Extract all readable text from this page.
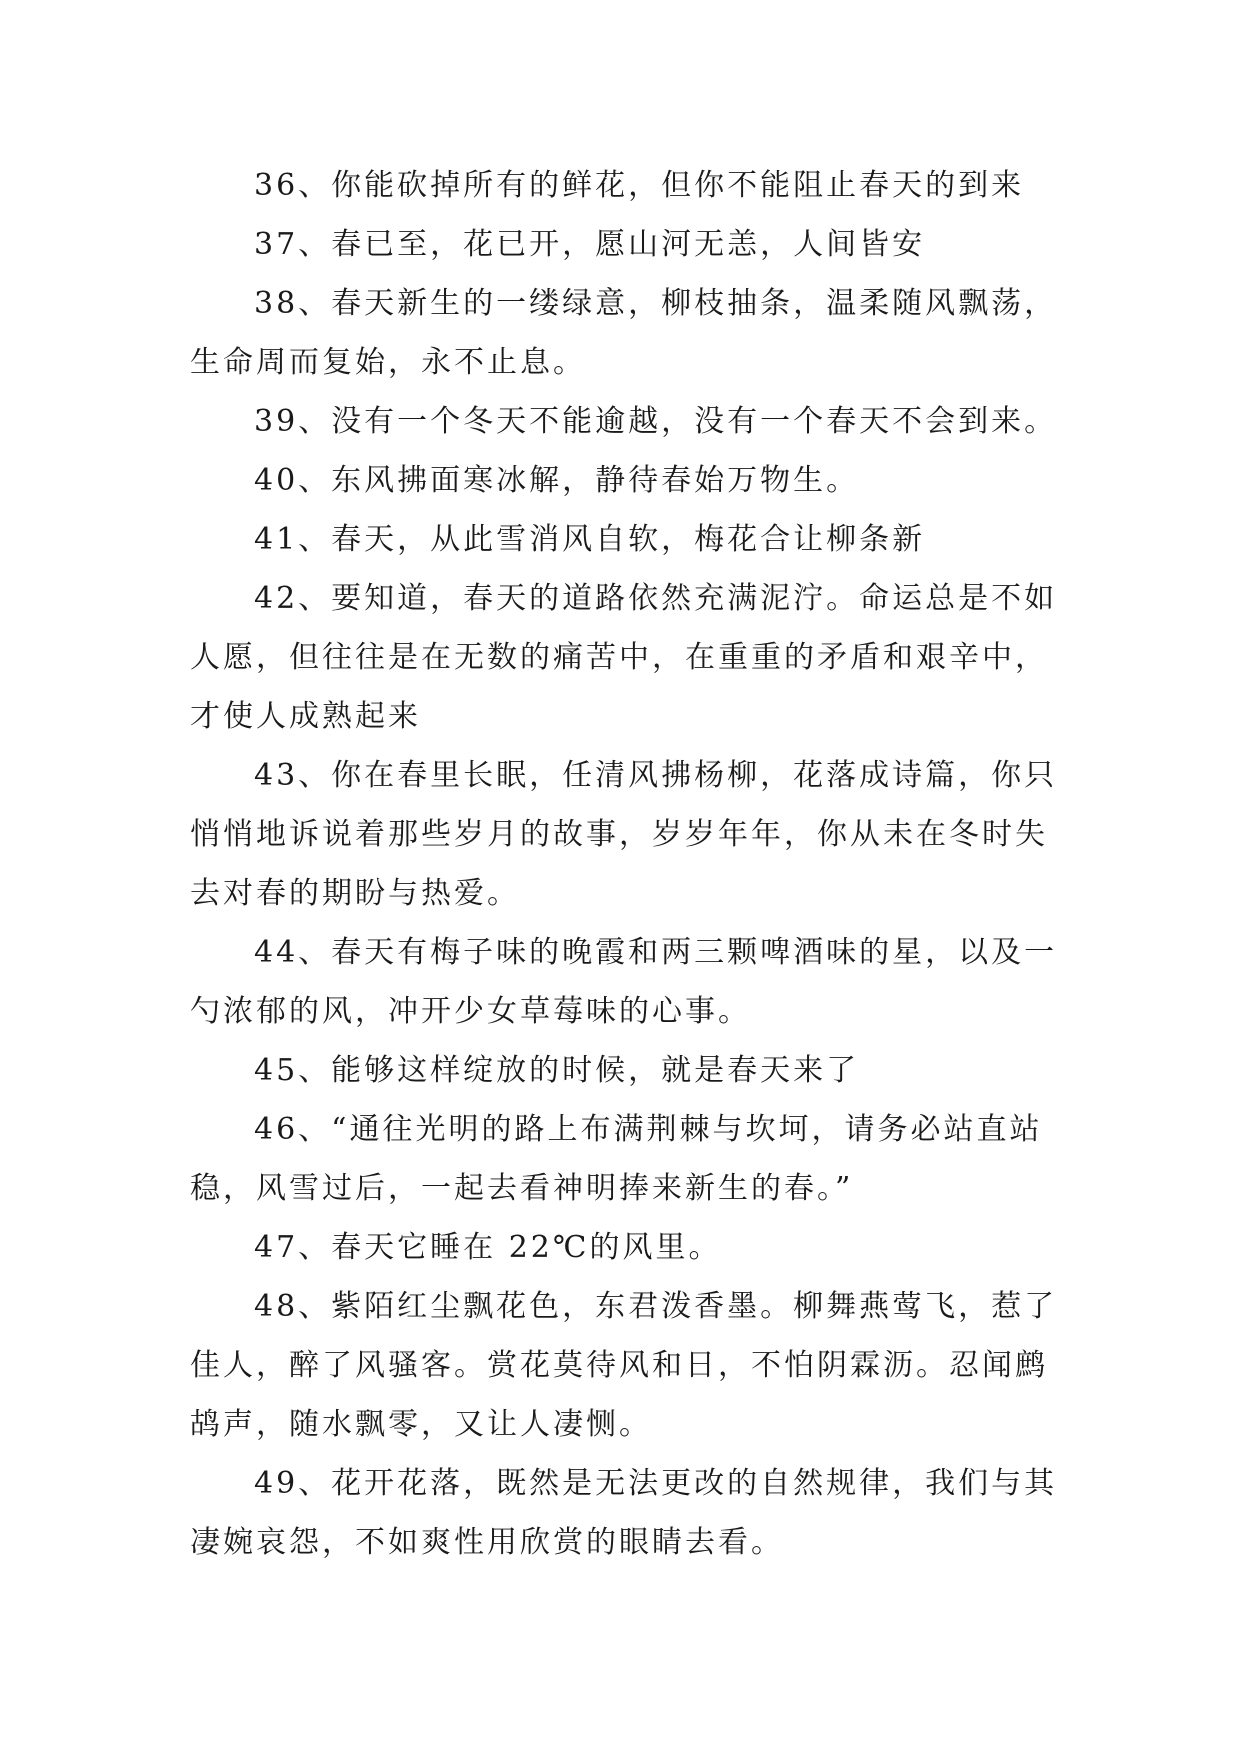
36、你能砍掉所有的鲜花，但你不能阻止春天的到来

37、春已至，花已开，愿山河无恙，人间皆安

38、春天新生的一缕绿意，柳枝抽条，温柔随风飘荡，生命周而复始，永不止息。

39、没有一个冬天不能逾越，没有一个春天不会到来。

40、东风拂面寒冰解，静待春始万物生。

41、春天，从此雪消风自软，梅花合让柳条新

42、要知道，春天的道路依然充满泥泞。命运总是不如人愿，但往往是在无数的痛苦中，在重重的矛盾和艰辛中，才使人成熟起来

43、你在春里长眠，任清风拂杨柳，花落成诗篇，你只悄悄地诉说着那些岁月的故事，岁岁年年，你从未在冬时失去对春的期盼与热爱。

44、春天有梅子味的晚霞和两三颗啤酒味的星，以及一勺浓郁的风，冲开少女草莓味的心事。

45、能够这样绽放的时候，就是春天来了

46、“通往光明的路上布满荆棘与坎坷，请务必站直站稳，风雪过后，一起去看神明捧来新生的春。”

47、春天它睡在 22℃的风里。

48、紫陌红尘飘花色，东君泼香墨。柳舞燕莺飞，惹了佳人，醉了风骚客。赏花莫待风和日，不怕阴霖沥。忍闻鹧鸪声，随水飘零，又让人凄恻。

49、花开花落，既然是无法更改的自然规律，我们与其凄婉哀怨，不如爽性用欣赏的眼睛去看。
